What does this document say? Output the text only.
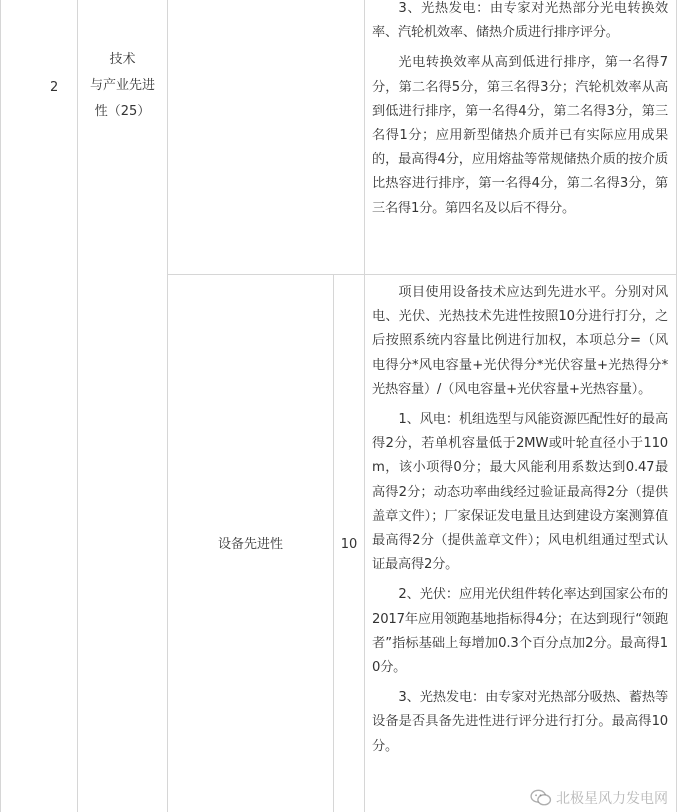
2
技术
与产业先进
性（25）

3、光热发电：由专家对光热部分光电转换效率、汽轮机效率、储热介质进行排序评分。

光电转换效率从高到低进行排序，第一名得7分，第二名得5分，第三名得3分；汽轮机效率从高到低进行排序，第一名得4分，第二名得3分，第三名得1分；应用新型储热介质并已有实际应用成果的，最高得4分，应用熔盐等常规储热介质的按介质比热容进行排序，第一名得4分，第二名得3分，第三名得1分。第四名及以后不得分。

设备先进性	10

项目使用设备技术应达到先进水平。分别对风电、光伏、光热技术先进性按照10分进行打分，之后按照系统内容量比例进行加权，本项总分=（风电得分*风电容量+光伏得分*光伏容量+光热得分*光热容量）/（风电容量+光伏容量+光热容量）。

1、风电：机组选型与风能资源匹配性好的最高得2分，若单机容量低于2MW或叶轮直径小于110m，该小项得0分；最大风能利用系数达到0.47最高得2分；动态功率曲线经过验证最高得2分（提供盖章文件）；厂家保证发电量且达到建设方案测算值最高得2分（提供盖章文件）；风电机组通过型式认证最高得2分。

2、光伏：应用光伏组件转化率达到国家公布的2017年应用领跑基地指标得4分；在达到现行“领跑者”指标基础上每增加0.3个百分点加2分。最高得10分。

3、光热发电：由专家对光热部分吸热、蓄热等设备是否具备先进性进行评分进行打分。最高得10分。

北极星风力发电网
